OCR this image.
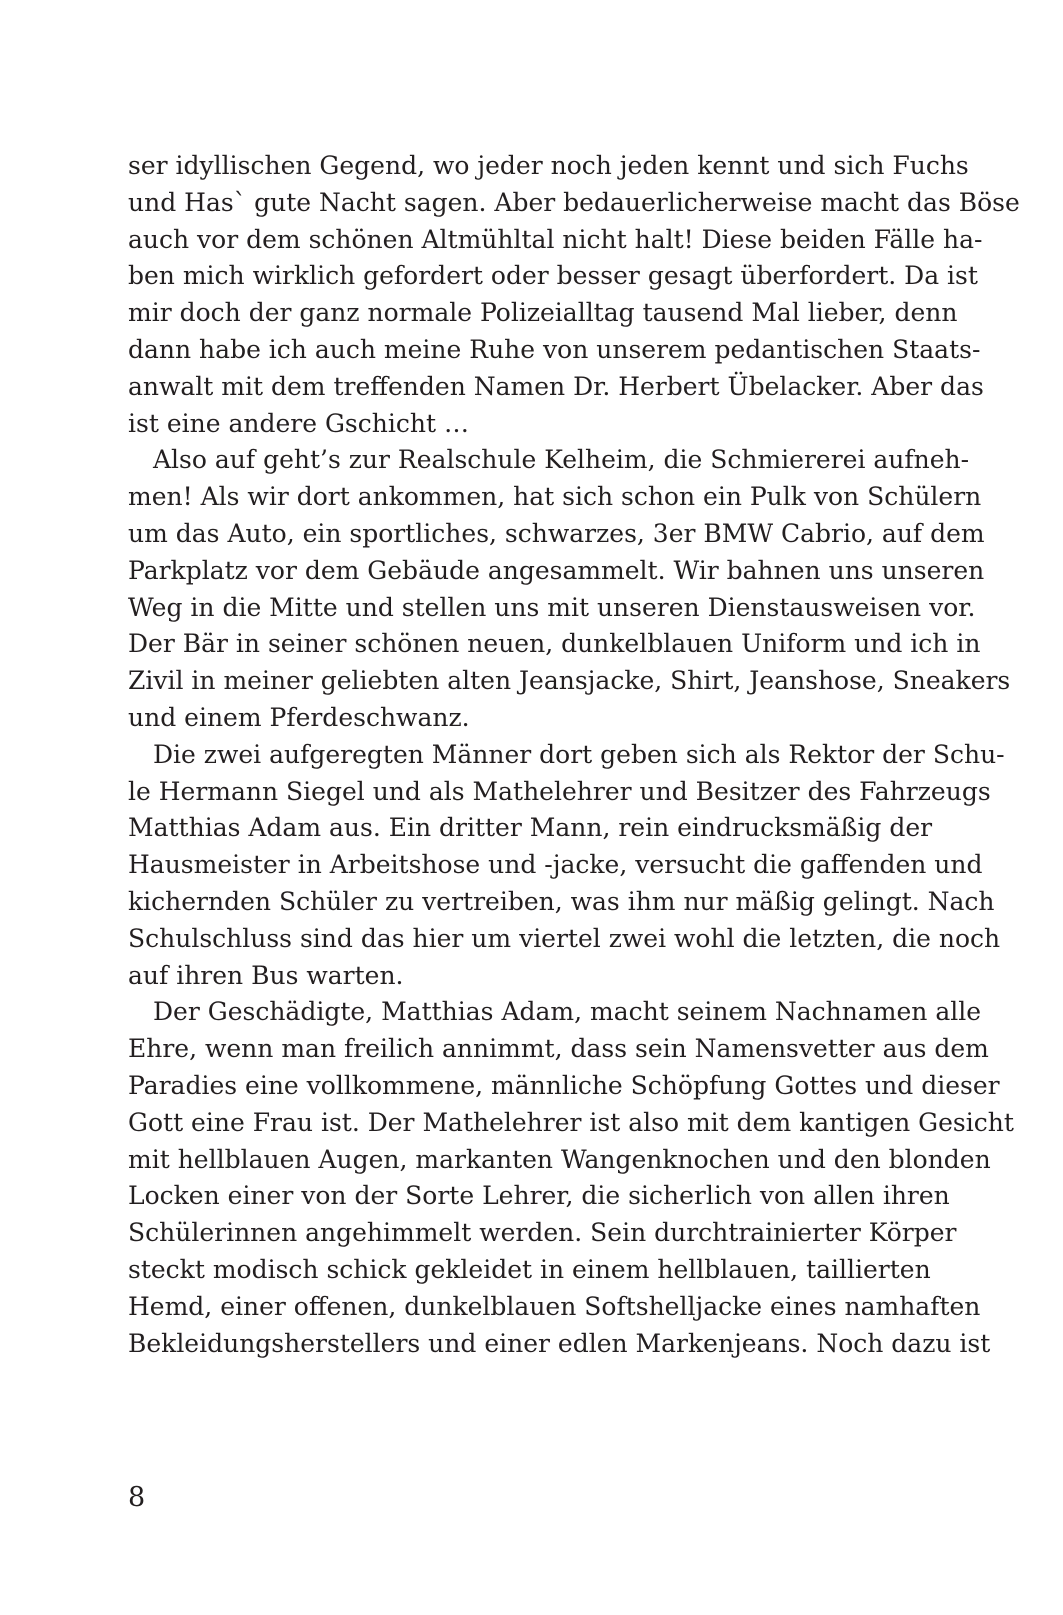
ser idyllischen Gegend, wo jeder noch jeden kennt und sich Fuchs
und Has` gute Nacht sagen. Aber bedauerlicherweise macht das Böse
auch vor dem schönen Altmühltal nicht halt! Diese beiden Fälle ha-
ben mich wirklich gefordert oder besser gesagt überfordert. Da ist
mir doch der ganz normale Polizeialltag tausend Mal lieber, denn
dann habe ich auch meine Ruhe von unserem pedantischen Staats-
anwalt mit dem treffenden Namen Dr. Herbert Übelacker. Aber das
ist eine andere Gschicht …
Also auf geht’s zur Realschule Kelheim, die Schmiererei aufneh-
men! Als wir dort ankommen, hat sich schon ein Pulk von Schülern
um das Auto, ein sportliches, schwarzes, 3er BMW Cabrio, auf dem
Parkplatz vor dem Gebäude angesammelt. Wir bahnen uns unseren
Weg in die Mitte und stellen uns mit unseren Dienstausweisen vor.
Der Bär in seiner schönen neuen, dunkelblauen Uniform und ich in
Zivil in meiner geliebten alten Jeansjacke, Shirt, Jeanshose, Sneakers
und einem Pferdeschwanz.
Die zwei aufgeregten Männer dort geben sich als Rektor der Schu-
le Hermann Siegel und als Mathelehrer und Besitzer des Fahrzeugs
Matthias Adam aus. Ein dritter Mann, rein eindrucksmäßig der
Hausmeister in Arbeitshose und -jacke, versucht die gaffenden und
kichernden Schüler zu vertreiben, was ihm nur mäßig gelingt. Nach
Schulschluss sind das hier um viertel zwei wohl die letzten, die noch
auf ihren Bus warten.
Der Geschädigte, Matthias Adam, macht seinem Nachnamen alle
Ehre, wenn man freilich annimmt, dass sein Namensvetter aus dem
Paradies eine vollkommene, männliche Schöpfung Gottes und dieser
Gott eine Frau ist. Der Mathelehrer ist also mit dem kantigen Gesicht
mit hellblauen Augen, markanten Wangenknochen und den blonden
Locken einer von der Sorte Lehrer, die sicherlich von allen ihren
Schülerinnen angehimmelt werden. Sein durchtrainierter Körper
steckt modisch schick gekleidet in einem hellblauen, taillierten
Hemd, einer offenen, dunkelblauen Softshelljacke eines namhaften
Bekleidungsherstellers und einer edlen Markenjeans. Noch dazu ist
8
